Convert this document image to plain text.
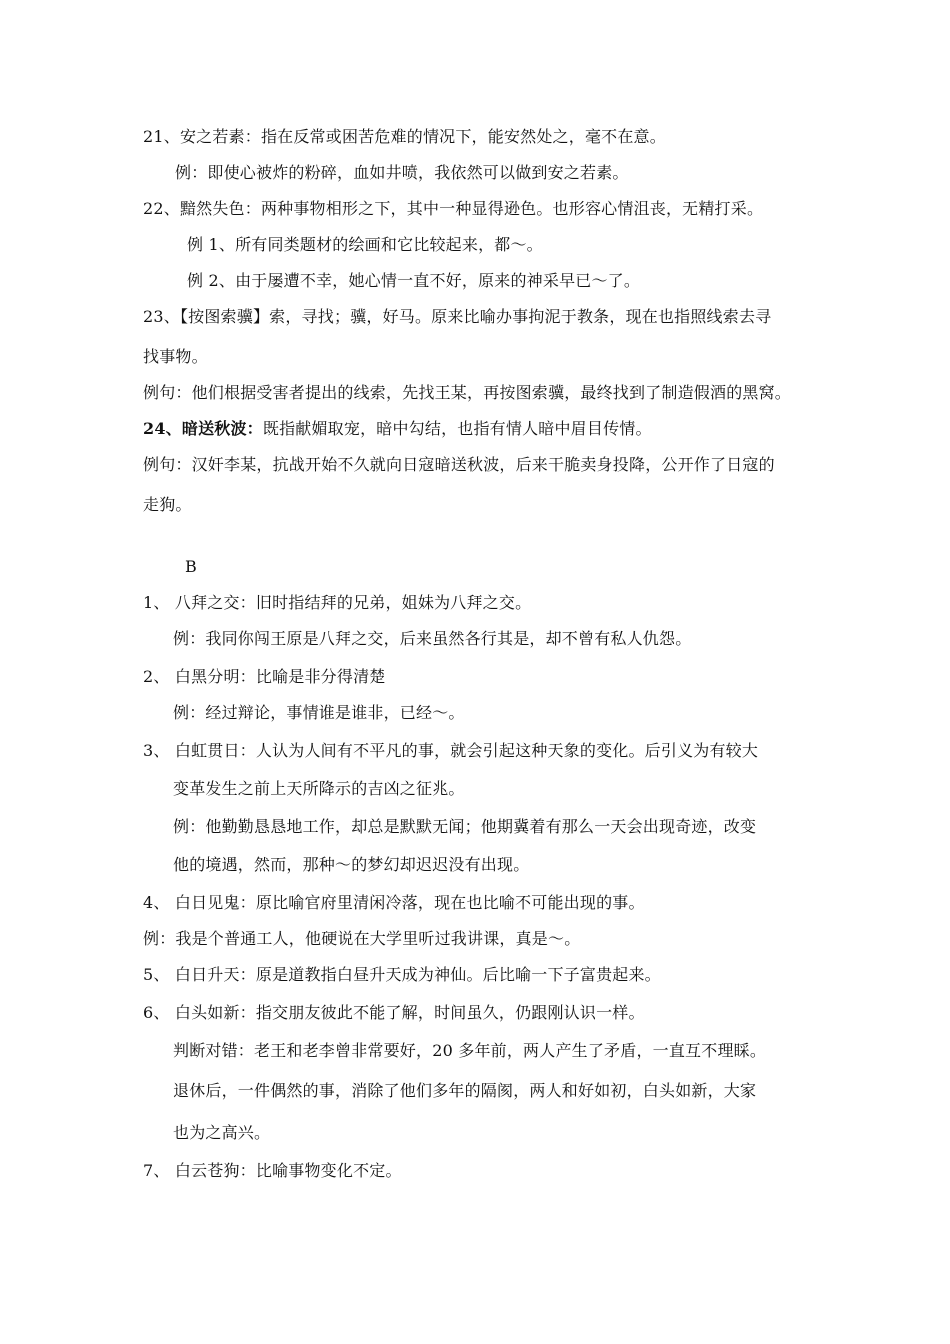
21、安之若素：指在反常或困苦危难的情况下，能安然处之，毫不在意。
例：即使心被炸的粉碎，血如井喷，我依然可以做到安之若素。
22、黯然失色：两种事物相形之下，其中一种显得逊色。也形容心情沮丧，无精打采。
例 1、所有同类题材的绘画和它比较起来，都～。
例 2、由于屡遭不幸，她心情一直不好，原来的神采早已～了。
23、【按图索骥】索，寻找；骥，好马。原来比喻办事拘泥于教条，现在也指照线索去寻
找事物。
例句：他们根据受害者提出的线索，先找王某，再按图索骥，最终找到了制造假酒的黑窝。
24、暗送秋波：既指献媚取宠，暗中勾结，也指有情人暗中眉目传情。
例句：汉奸李某，抗战开始不久就向日寇暗送秋波，后来干脆卖身投降，公开作了日寇的
走狗。
B
1、 八拜之交：旧时指结拜的兄弟，姐妹为八拜之交。
例：我同你闯王原是八拜之交，后来虽然各行其是，却不曾有私人仇怨。
2、 白黑分明：比喻是非分得清楚
例：经过辩论，事情谁是谁非，已经～。
3、 白虹贯日：人认为人间有不平凡的事，就会引起这种天象的变化。后引义为有较大
变革发生之前上天所降示的吉凶之征兆。
例：他勤勤恳恳地工作，却总是默默无闻；他期冀着有那么一天会出现奇迹，改变
他的境遇，然而，那种～的梦幻却迟迟没有出现。
4、 白日见鬼：原比喻官府里清闲冷落，现在也比喻不可能出现的事。
例：我是个普通工人，他硬说在大学里听过我讲课，真是～。
5、 白日升天：原是道教指白昼升天成为神仙。后比喻一下子富贵起来。
6、 白头如新：指交朋友彼此不能了解，时间虽久，仍跟刚认识一样。
判断对错：老王和老李曾非常要好，20 多年前，两人产生了矛盾，一直互不理睬。
退休后，一件偶然的事，消除了他们多年的隔阂，两人和好如初，白头如新，大家
也为之高兴。
7、 白云苍狗：比喻事物变化不定。
